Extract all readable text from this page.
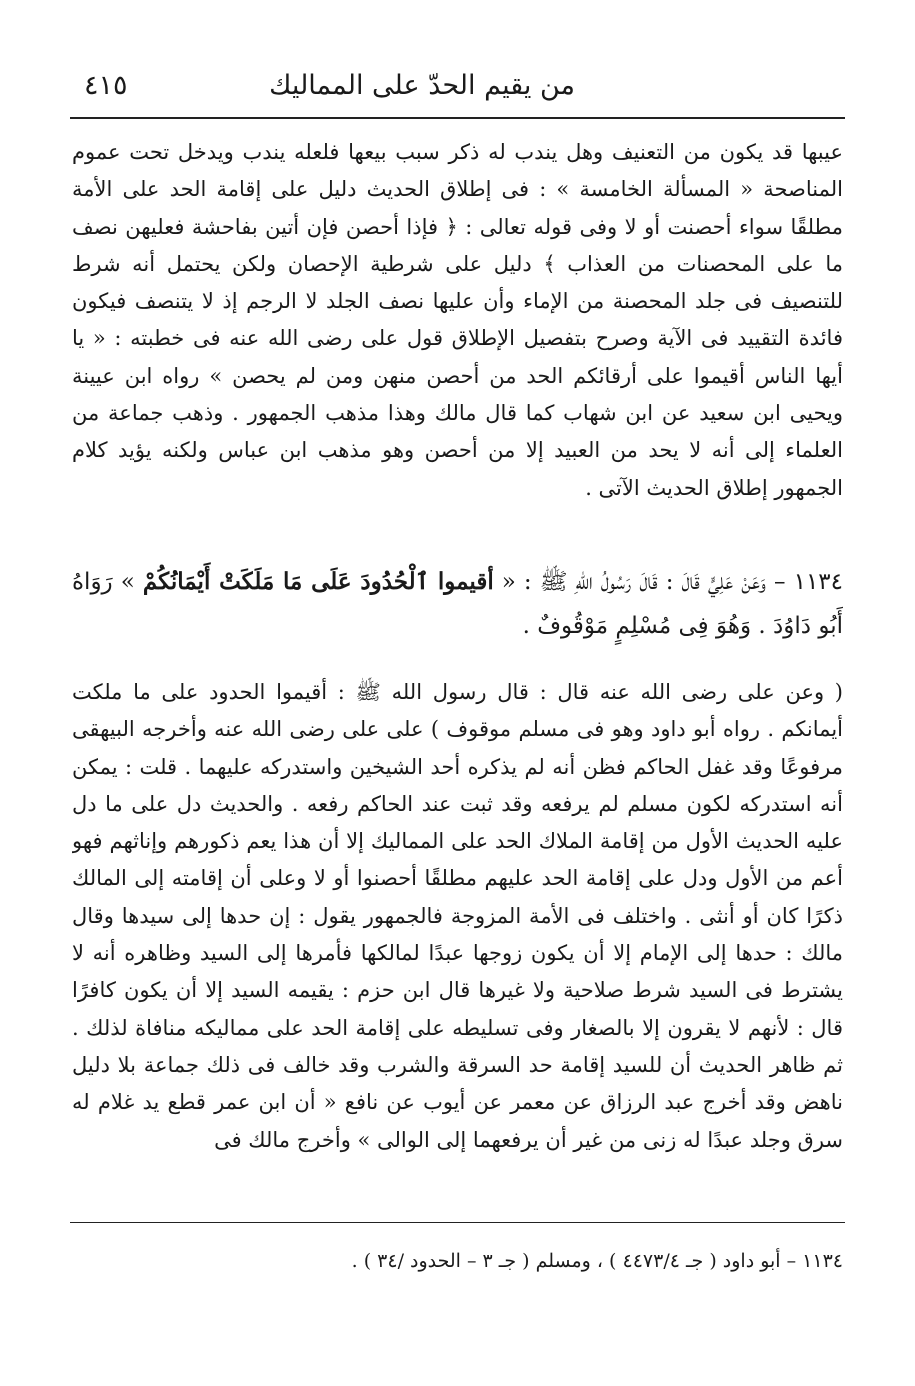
من يقيم الحدّ على المماليك
٤١٥

عيبها قد يكون من التعنيف وهل يندب له ذكر سبب بيعها فلعله يندب ويدخل تحت عموم المناصحة « المسألة الخامسة » : فى إطلاق الحديث دليل على إقامة الحد على الأمة مطلقًا سواء أحصنت أو لا وفى قوله تعالى : ﴿ فإذا أحصن فإن أتين بفاحشة فعليهن نصف ما على المحصنات من العذاب ﴾ دليل على شرطية الإحصان ولكن يحتمل أنه شرط للتنصيف فى جلد المحصنة من الإماء وأن عليها نصف الجلد لا الرجم إذ لا يتنصف فيكون فائدة التقييد فى الآية وصرح بتفصيل الإطلاق قول على رضى الله عنه فى خطبته : « يا أيها الناس أقيموا على أرقائكم الحد من أحصن منهن ومن لم يحصن » رواه ابن عيينة ويحيى ابن سعيد عن ابن شهاب كما قال مالك وهذا مذهب الجمهور . وذهب جماعة من العلماء إلى أنه لا يحد من العبيد إلا من أحصن وهو مذهب ابن عباس ولكنه يؤيد كلام الجمهور إطلاق الحديث الآتى .

١١٣٤ – وَعَنْ عَلِيٍّ قَالَ : قَالَ رَسُولُ اللهِ ﷺ : « أقيموا ٱلْحُدُودَ عَلَى مَا مَلَكَتْ أَيْمَانُكُمْ » رَوَاهُ أَبُو دَاوُدَ . وَهُوَ فِى مُسْلِمٍ مَوْقُوفٌ .

( وعن على رضى الله عنه قال : قال رسول الله ﷺ : أقيموا الحدود على ما ملكت أيمانكم . رواه أبو داود وهو فى مسلم موقوف ) على على رضى الله عنه وأخرجه البيهقى مرفوعًا وقد غفل الحاكم فظن أنه لم يذكره أحد الشيخين واستدركه عليهما . قلت : يمكن أنه استدركه لكون مسلم لم يرفعه وقد ثبت عند الحاكم رفعه . والحديث دل على ما دل عليه الحديث الأول من إقامة الملاك الحد على المماليك إلا أن هذا يعم ذكورهم وإناثهم فهو أعم من الأول ودل على إقامة الحد عليهم مطلقًا أحصنوا أو لا وعلى أن إقامته إلى المالك ذكرًا كان أو أنثى . واختلف فى الأمة المزوجة فالجمهور يقول : إن حدها إلى سيدها وقال مالك : حدها إلى الإمام إلا أن يكون زوجها عبدًا لمالكها فأمرها إلى السيد وظاهره أنه لا يشترط فى السيد شرط صلاحية ولا غيرها قال ابن حزم : يقيمه السيد إلا أن يكون كافرًا قال : لأنهم لا يقرون إلا بالصغار وفى تسليطه على إقامة الحد على مماليكه منافاة لذلك . ثم ظاهر الحديث أن للسيد إقامة حد السرقة والشرب وقد خالف فى ذلك جماعة بلا دليل ناهض وقد أخرج عبد الرزاق عن معمر عن أيوب عن نافع « أن ابن عمر قطع يد غلام له سرق وجلد عبدًا له زنى من غير أن يرفعهما إلى الوالى » وأخرج مالك فى

١١٣٤ – أبو داود ( جـ ٤٤٧٣/٤ ) ، ومسلم ( جـ ٣ – الحدود /٣٤ ) .
